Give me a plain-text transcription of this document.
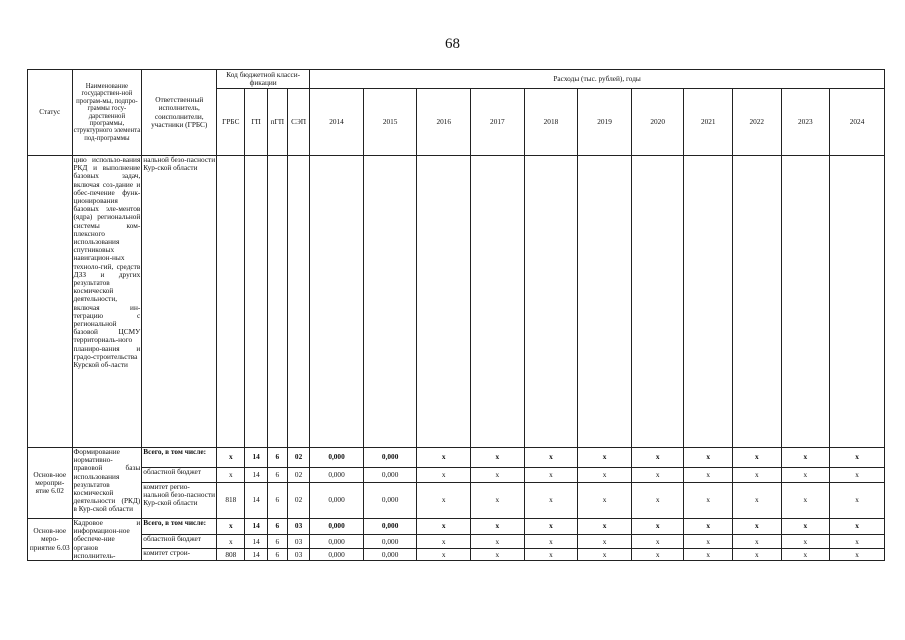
68
Статус	Наименование государствен-ной програм-мы, подпро-граммы госу-дарственной программы, структурного элемента под-программы	Ответственный исполнитель, соисполнители, участники (ГРБС)	Код бюджетной класси-фикации				Расходы (тыс. рублей), годы										
			ГРБС	ГП	пГП	СЭП	2014	2015	2016	2017	2018	2019	2020	2021	2022	2023	2024
	цию использо-вания РКД и выполнение базовых задач, включая соз-дание и обес-печение функ-ционирования базовых эле-ментов (ядра) региональной системы ком-плексного использования спутниковых навигацион-ных техноло-гий, средств ДЗЗ и других результатов космической деятельности, включая ин-теграцию с региональной базовой ЦСМУ территориаль-ного планиро-вания и градо-строительства Курской об-ласти	нальной безо-пасности Кур-ской области															
Основ-ное меропри-ятие 6.02	Формирование нормативно-правовой базы использования результатов космической деятельности (РКД) в Кур-ской области	Всего, в том числе:	x	14	6	02	0,000	0,000	x	x	x	x	x	x	x	x	x
		областной бюджет	x	14	6	02	0,000	0,000	x	x	x	x	x	x	x	x	x
		комитет регио-нальной безо-пасности Кур-ской области	818	14	6	02	0,000	0,000	x	x	x	x	x	x	x	x	x
Основ-ное меро-приятие 6.03	Кадровое и информацион-ное обеспече-ние органов исполнитель-	Всего, в том числе:	x	14	6	03	0,000	0,000	x	x	x	x	x	x	x	x	x
		областной бюджет	x	14	6	03	0,000	0,000	x	x	x	x	x	x	x	x	x
		комитет строи-	808	14	6	03	0,000	0,000	x	x	x	x	x	x	x	x	x
